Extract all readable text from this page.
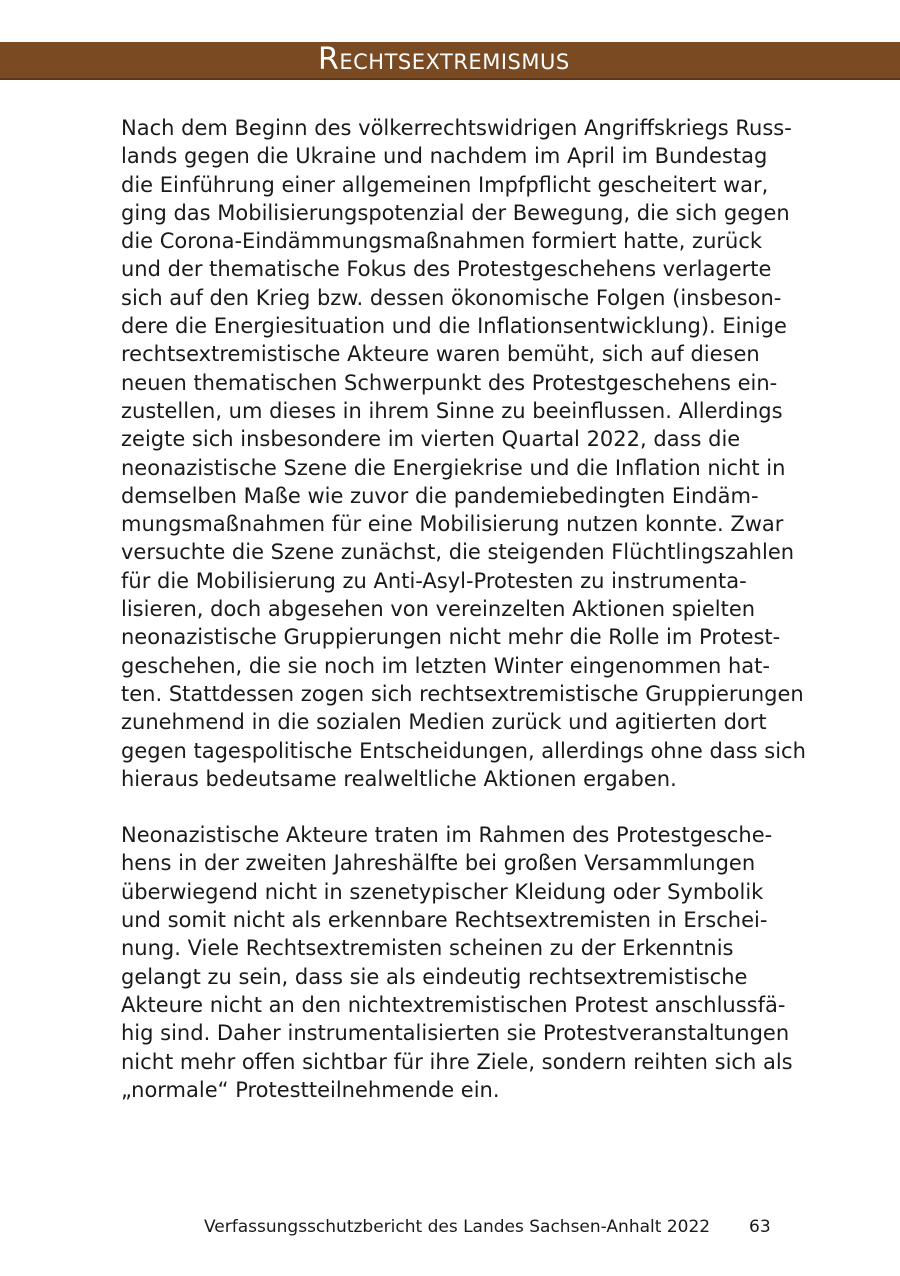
Rechtsextremismus

Nach dem Beginn des völkerrechtswidrigen Angriffskriegs Russ-
lands gegen die Ukraine und nachdem im April im Bundestag
die Einführung einer allgemeinen Impfpflicht gescheitert war,
ging das Mobilisierungspotenzial der Bewegung, die sich gegen
die Corona-Eindämmungsmaßnahmen formiert hatte, zurück
und der thematische Fokus des Protestgeschehens verlagerte
sich auf den Krieg bzw. dessen ökonomische Folgen (insbeson-
dere die Energiesituation und die Inflationsentwicklung). Einige
rechtsextremistische Akteure waren bemüht, sich auf diesen
neuen thematischen Schwerpunkt des Protestgeschehens ein-
zustellen, um dieses in ihrem Sinne zu beeinflussen. Allerdings
zeigte sich insbesondere im vierten Quartal 2022, dass die
neonazistische Szene die Energiekrise und die Inflation nicht in
demselben Maße wie zuvor die pandemiebedingten Eindäm-
mungsmaßnahmen für eine Mobilisierung nutzen konnte. Zwar
versuchte die Szene zunächst, die steigenden Flüchtlingszahlen
für die Mobilisierung zu Anti-Asyl-Protesten zu instrumenta-
lisieren, doch abgesehen von vereinzelten Aktionen spielten
neonazistische Gruppierungen nicht mehr die Rolle im Protest-
geschehen, die sie noch im letzten Winter eingenommen hat-
ten. Stattdessen zogen sich rechtsextremistische Gruppierungen
zunehmend in die sozialen Medien zurück und agitierten dort
gegen tagespolitische Entscheidungen, allerdings ohne dass sich
hieraus bedeutsame realweltliche Aktionen ergaben.

Neonazistische Akteure traten im Rahmen des Protestgesche-
hens in der zweiten Jahreshälfte bei großen Versammlungen
überwiegend nicht in szenetypischer Kleidung oder Symbolik
und somit nicht als erkennbare Rechtsextremisten in Erschei-
nung. Viele Rechtsextremisten scheinen zu der Erkenntnis
gelangt zu sein, dass sie als eindeutig rechtsextremistische
Akteure nicht an den nichtextremistischen Protest anschlussfä-
hig sind. Daher instrumentalisierten sie Protestveranstaltungen
nicht mehr offen sichtbar für ihre Ziele, sondern reihten sich als
„normale“ Protestteilnehmende ein.

Verfassungsschutzbericht des Landes Sachsen-Anhalt 2022 63
